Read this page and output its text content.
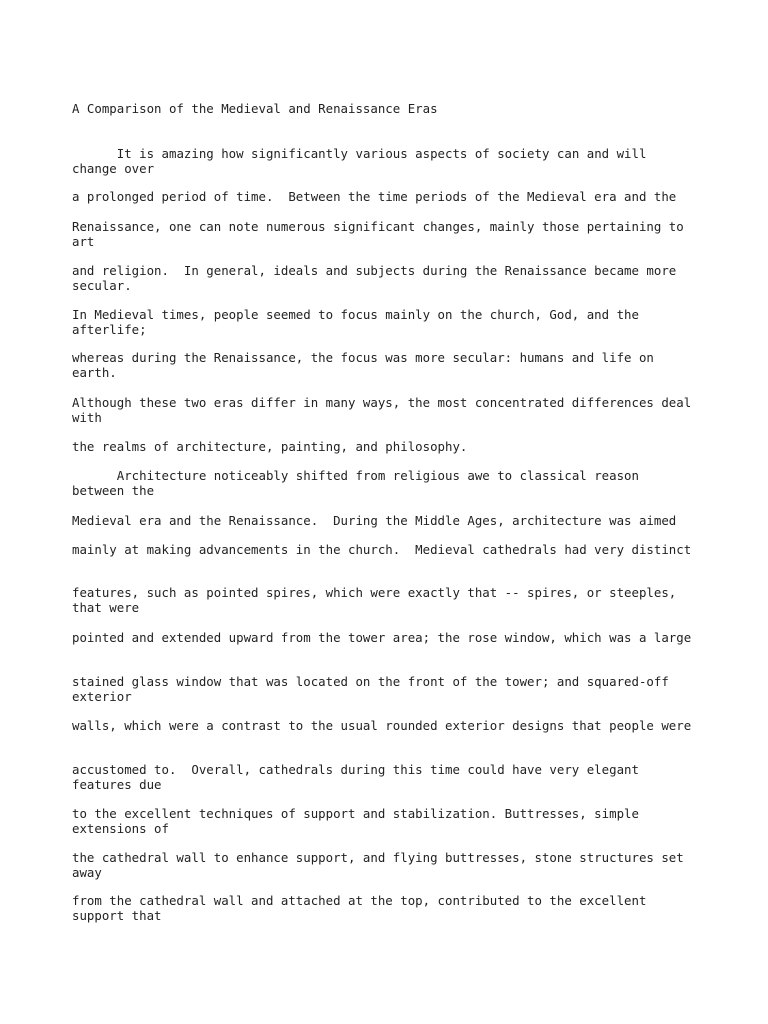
A Comparison of the Medieval and Renaissance Eras

It is amazing how significantly various aspects of society can and will
change over

a prolonged period of time.  Between the time periods of the Medieval era and the

Renaissance, one can note numerous significant changes, mainly those pertaining to
art

and religion.  In general, ideals and subjects during the Renaissance became more
secular.

In Medieval times, people seemed to focus mainly on the church, God, and the
afterlife;

whereas during the Renaissance, the focus was more secular: humans and life on
earth.

Although these two eras differ in many ways, the most concentrated differences deal
with

the realms of architecture, painting, and philosophy.

Architecture noticeably shifted from religious awe to classical reason
between the

Medieval era and the Renaissance.  During the Middle Ages, architecture was aimed

mainly at making advancements in the church.  Medieval cathedrals had very distinct

features, such as pointed spires, which were exactly that -- spires, or steeples,
that were

pointed and extended upward from the tower area; the rose window, which was a large

stained glass window that was located on the front of the tower; and squared-off
exterior

walls, which were a contrast to the usual rounded exterior designs that people were

accustomed to.  Overall, cathedrals during this time could have very elegant
features due

to the excellent techniques of support and stabilization. Buttresses, simple
extensions of

the cathedral wall to enhance support, and flying buttresses, stone structures set
away

from the cathedral wall and attached at the top, contributed to the excellent
support that
